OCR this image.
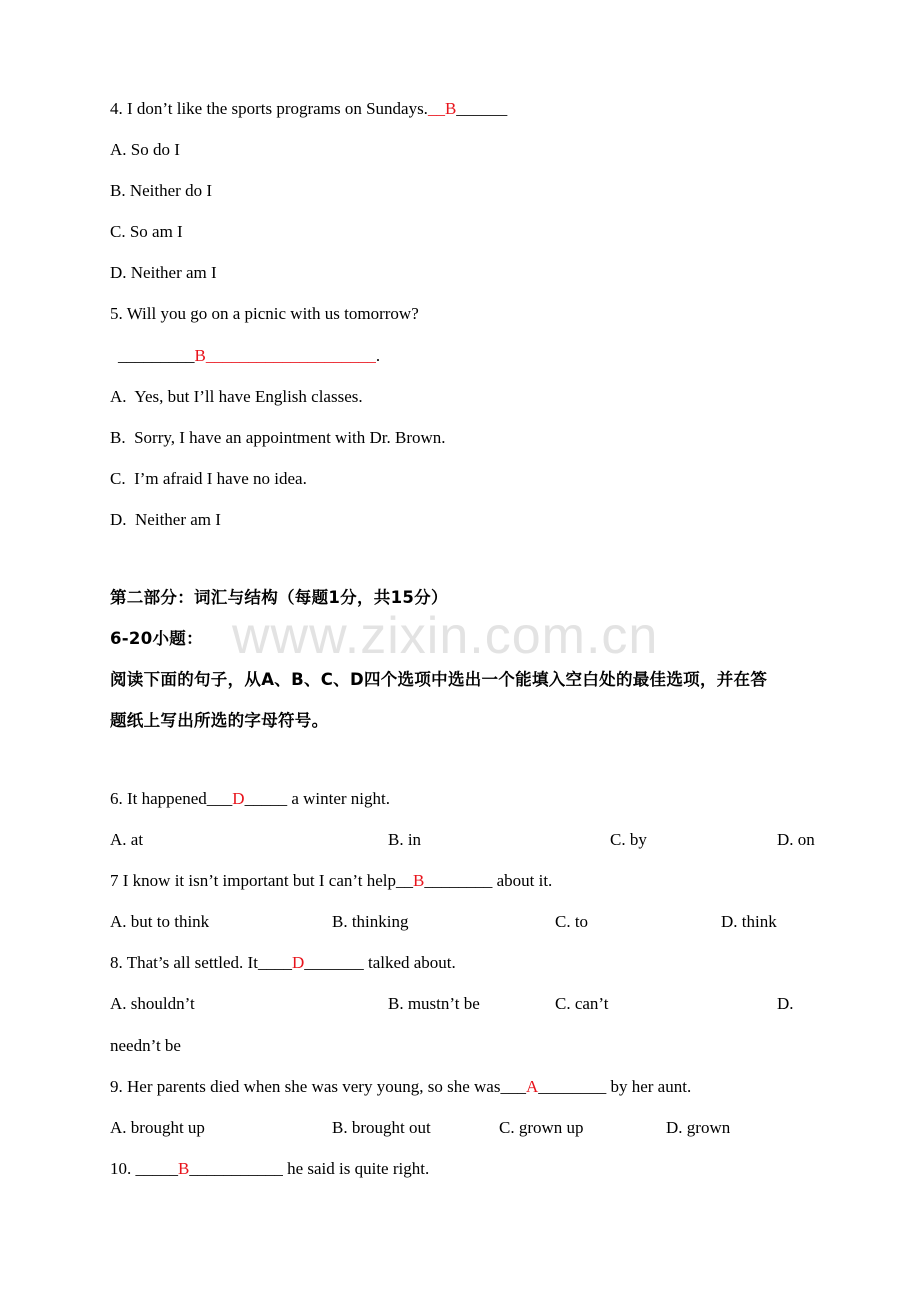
www.zixin.com.cn
4. I don’t like the sports programs on Sundays.__B______
A. So do I
B. Neither do I
C. So am I
D. Neither am I
5. Will you go on a picnic with us tomorrow?
_________B____________________.
A.  Yes, but I’ll have English classes.
B.  Sorry, I have an appointment with Dr. Brown.
C.  I’m afraid I have no idea.
D.  Neither am I
第二部分：词汇与结构（每题1分，共15分）
6-20小题：
阅读下面的句子，从A、B、C、D四个选项中选出一个能填入空白处的最佳选项，并在答
题纸上写出所选的字母符号。
6. It happened___D_____ a winter night.
A. at	B. in	C. by	D. on
7 I know it isn’t important but I can’t help__B________ about it.
A. but to think	B. thinking	C. to	D. think
8. That’s all settled. It____D_______ talked about.
A. shouldn’t	B. mustn’t be	C. can’t	D.
needn’t be
9. Her parents died when she was very young, so she was___A________ by her aunt.
A. brought up	B. brought out	C. grown up	D. grown
10. _____B___________ he said is quite right.
